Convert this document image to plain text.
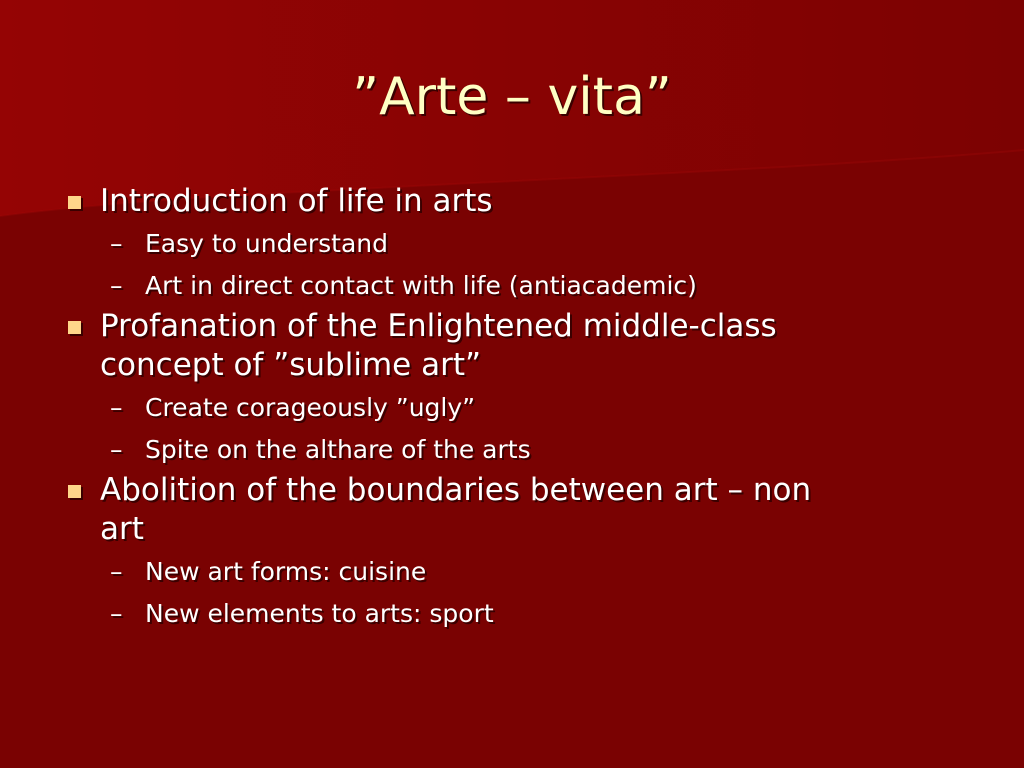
”Arte – vita”
Introduction of life in arts
– Easy to understand
– Art in direct contact with life (antiacademic)
Profanation of the Enlightened middle-class
concept of ”sublime art”
– Create corageously ”ugly”
– Spite on the althare of the arts
Abolition of the boundaries between art – non
art
– New art forms: cuisine
– New elements to arts: sport
